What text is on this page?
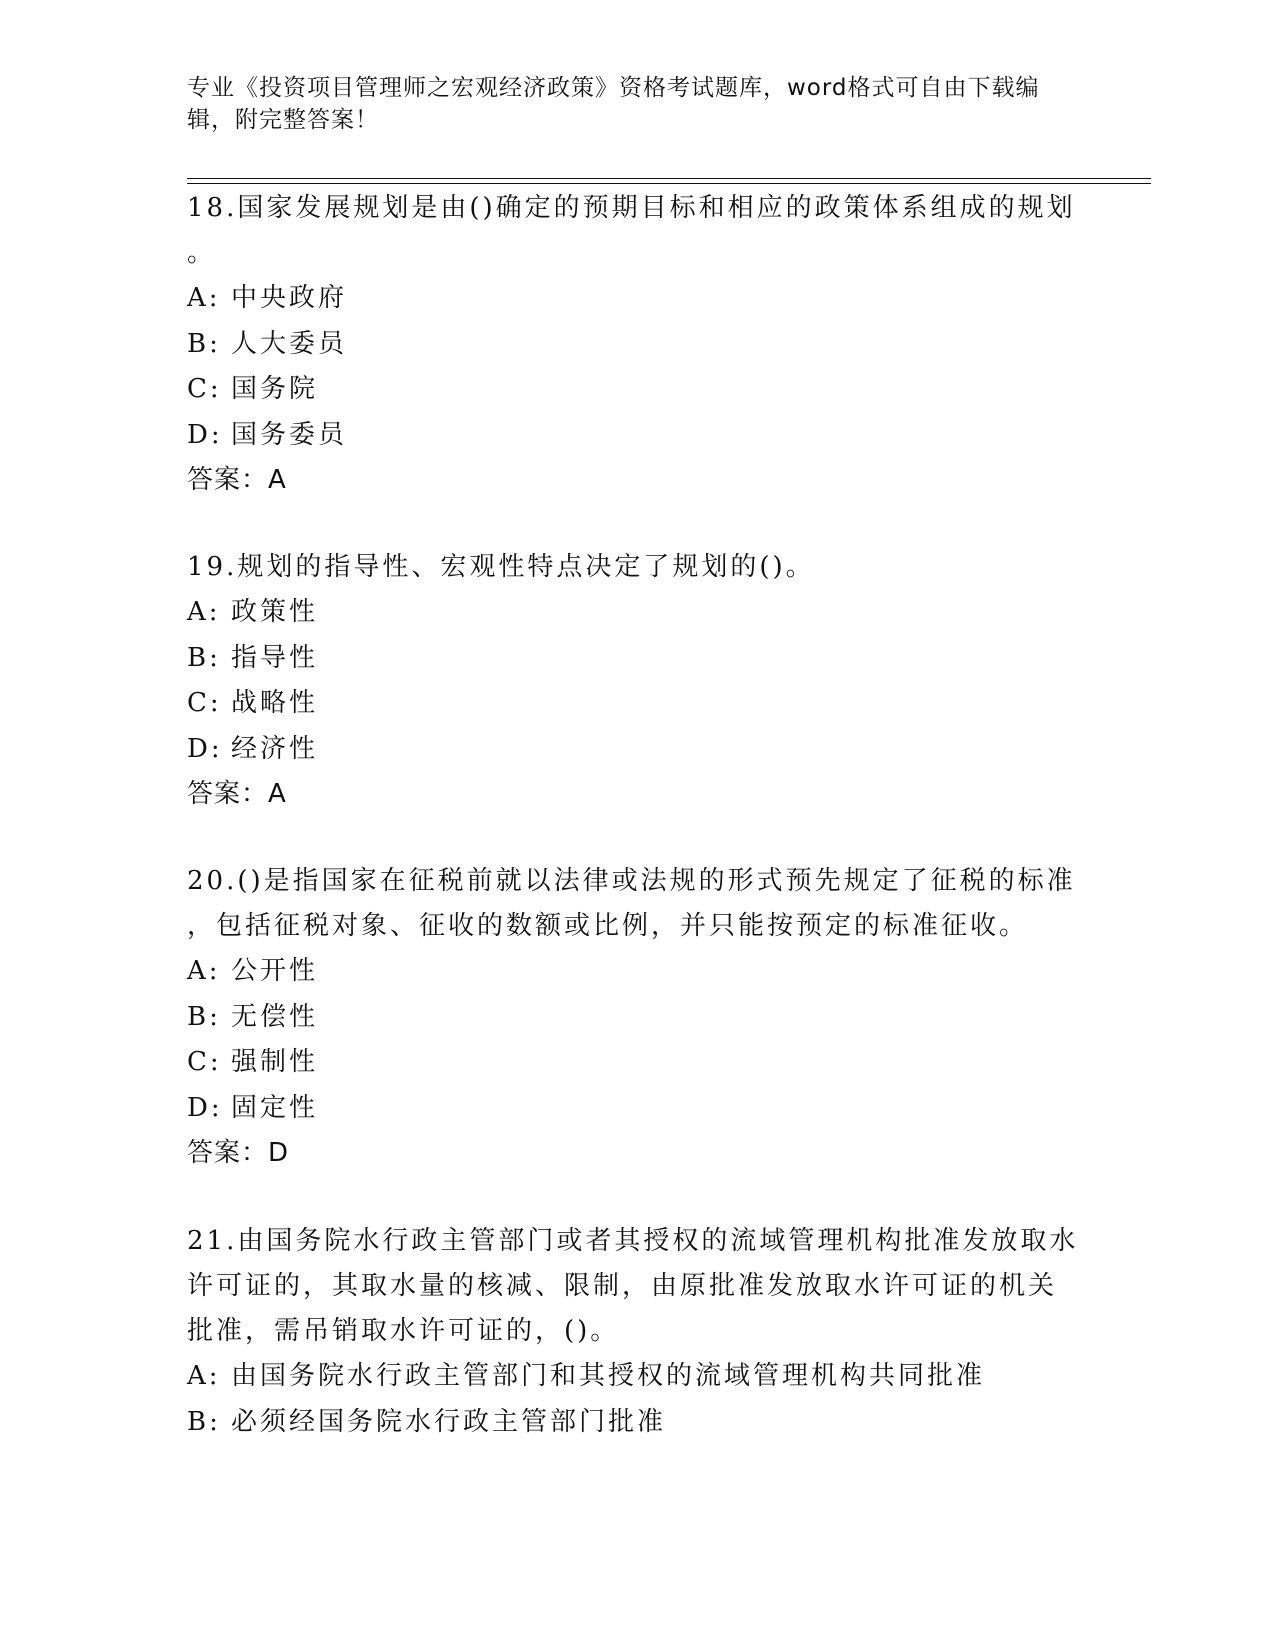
专业《投资项目管理师之宏观经济政策》资格考试题库，word格式可自由下载编
辑，附完整答案！
18.国家发展规划是由()确定的预期目标和相应的政策体系组成的规划
。
A: 中央政府
B: 人大委员
C: 国务院
D: 国务委员
答案：A
19.规划的指导性、宏观性特点决定了规划的()。
A: 政策性
B: 指导性
C: 战略性
D: 经济性
答案：A
20.()是指国家在征税前就以法律或法规的形式预先规定了征税的标准
，包括征税对象、征收的数额或比例，并只能按预定的标准征收。
A: 公开性
B: 无偿性
C: 强制性
D: 固定性
答案：D
21.由国务院水行政主管部门或者其授权的流域管理机构批准发放取水
许可证的，其取水量的核减、限制，由原批准发放取水许可证的机关
批准，需吊销取水许可证的，()。
A: 由国务院水行政主管部门和其授权的流域管理机构共同批准
B: 必须经国务院水行政主管部门批准
